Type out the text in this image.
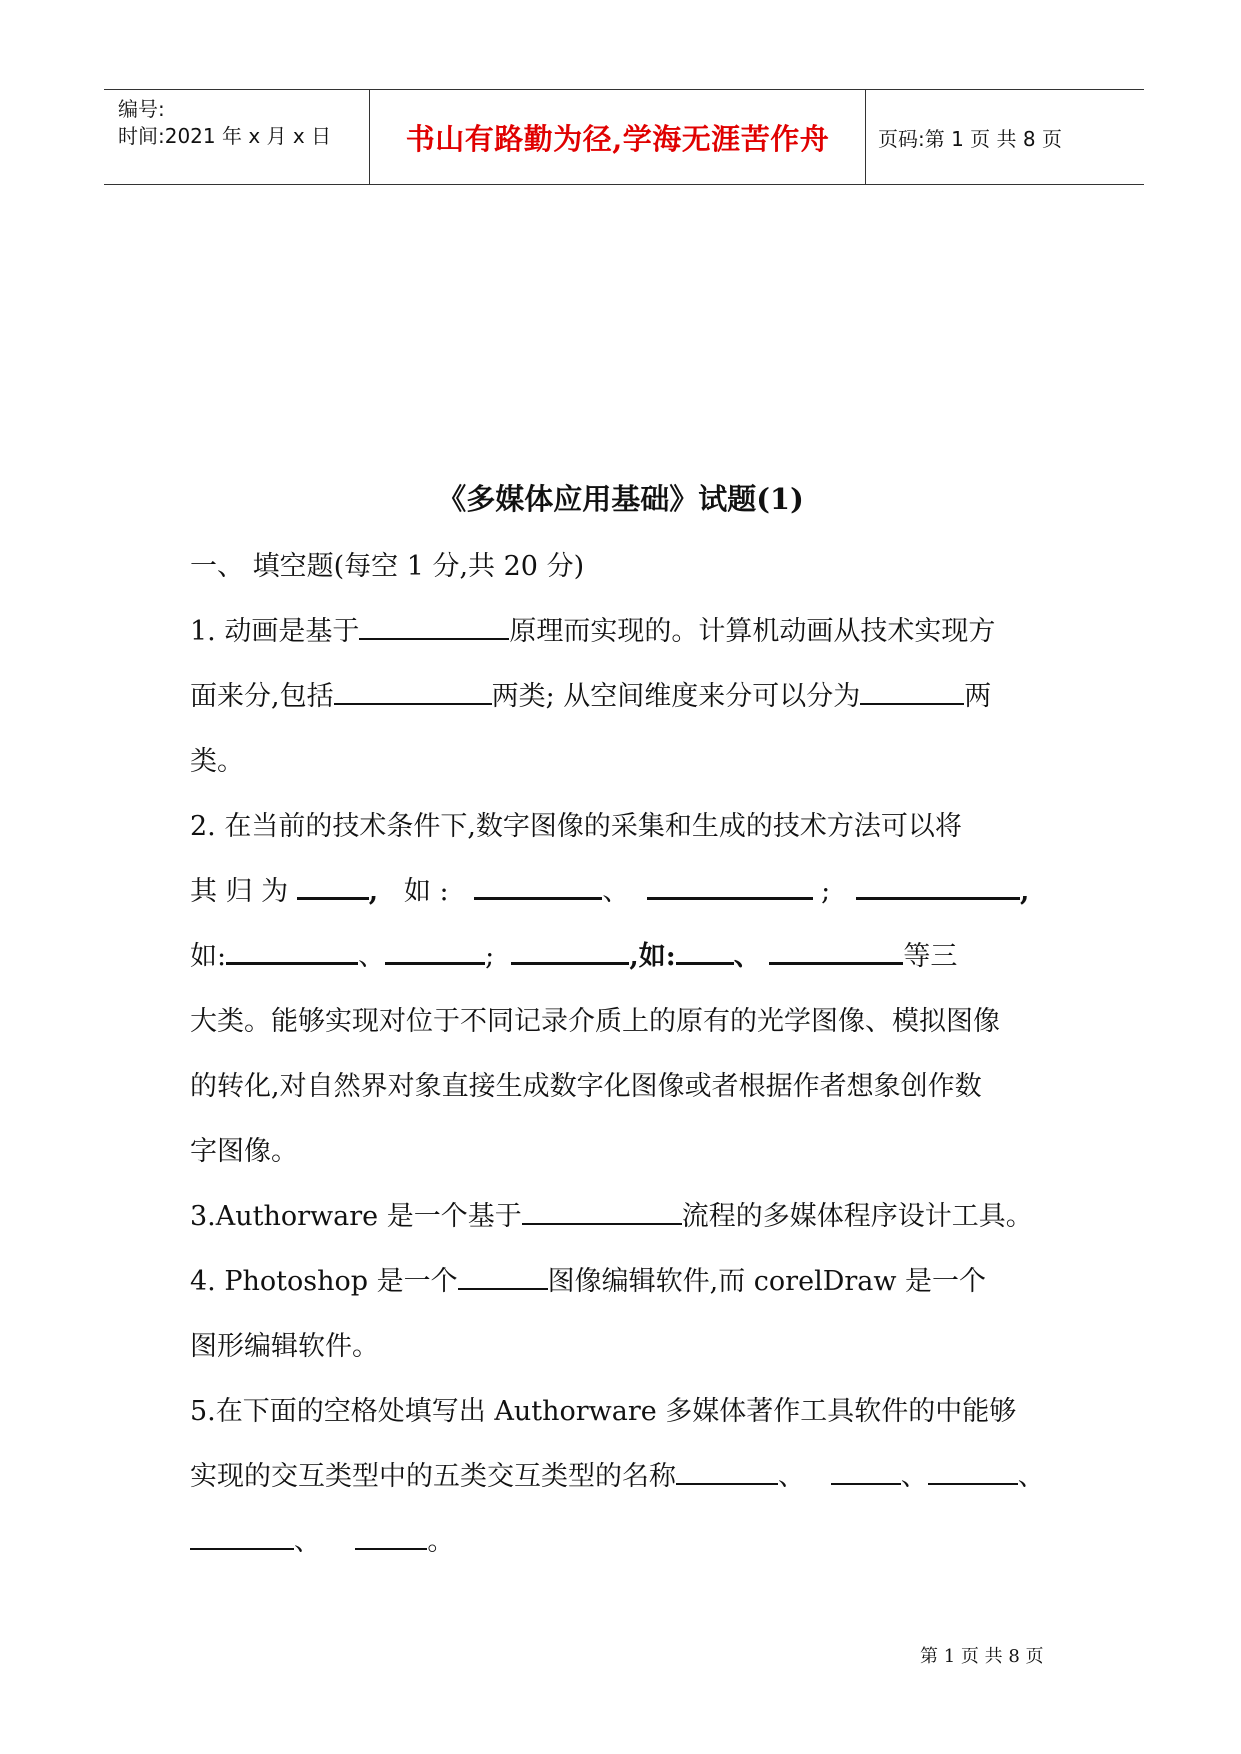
编号:
时间:2021 年 x 月 x 日	书山有路勤为径,学海无涯苦作舟	页码:第 1 页 共 8 页
《多媒体应用基础》试题(1)
一、 填空题(每空 1 分,共 20 分)
1. 动画是基于	原理而实现的。计算机动画从技术实现方
面来分,包括	两类; 从空间维度来分可以分为	两
类。
2. 在当前的技术条件下,数字图像的采集和生成的技术方法可以将
其 归 为	, 如 :	、	;	,
如:	、	;	,如: 、	等三
大类。能够实现对位于不同记录介质上的原有的光学图像、模拟图像
的转化,对自然界对象直接生成数字化图像或者根据作者想象创作数
字图像。
3.Authorware 是一个基于	流程的多媒体程序设计工具。
4. Photoshop 是一个	图像编辑软件,而 corelDraw 是一个
图形编辑软件。
5.在下面的空格处填写出 Authorware 多媒体著作工具软件的中能够
实现的交互类型中的五类交互类型的名称	、	、	、
、	。
第 1 页 共 8 页
